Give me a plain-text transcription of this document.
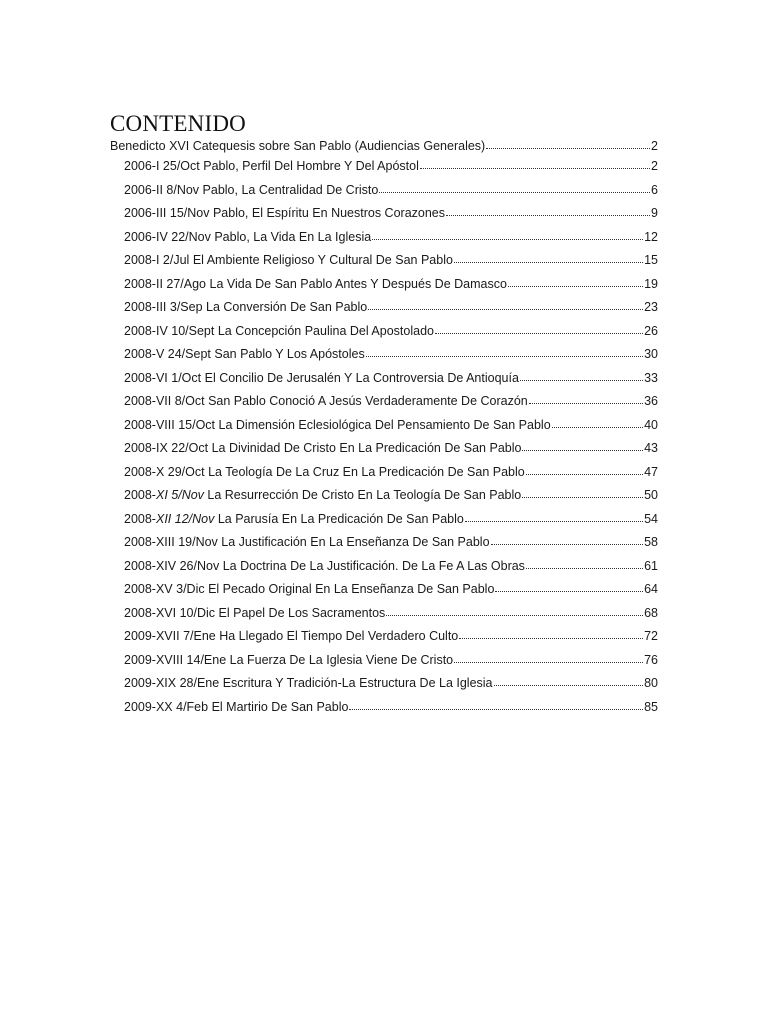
CONTENIDO
Benedicto XVI Catequesis sobre San Pablo (Audiencias Generales)	2
2006-I 25/Oct Pablo, Perfil Del Hombre Y Del Apóstol	2
2006-II 8/Nov Pablo, La Centralidad De Cristo	6
2006-III 15/Nov Pablo, El Espíritu En Nuestros Corazones	9
2006-IV 22/Nov Pablo, La Vida En La Iglesia	12
2008-I 2/Jul El Ambiente Religioso Y Cultural De San Pablo	15
2008-II 27/Ago La Vida De San Pablo Antes Y Después De Damasco	19
2008-III 3/Sep La Conversión De San Pablo	23
2008-IV 10/Sept La Concepción Paulina Del Apostolado	26
2008-V 24/Sept San Pablo Y Los Apóstoles	30
2008-VI 1/Oct El Concilio De Jerusalén Y La Controversia De Antioquía	33
2008-VII 8/Oct San Pablo Conoció A Jesús Verdaderamente De Corazón	36
2008-VIII 15/Oct La Dimensión Eclesiológica Del Pensamiento De San Pablo	40
2008-IX 22/Oct La Divinidad De Cristo En La Predicación De San Pablo	43
2008-X 29/Oct La Teología De La Cruz En La Predicación De San Pablo	47
2008-XI 5/Nov La Resurrección De Cristo En La Teología De San Pablo	50
2008-XII 12/Nov La Parusía En La Predicación De San Pablo	54
2008-XIII 19/Nov La Justificación En La Enseñanza De San Pablo	58
2008-XIV 26/Nov La Doctrina De La Justificación. De La Fe A Las Obras	61
2008-XV 3/Dic El Pecado Original En La Enseñanza De San Pablo	64
2008-XVI 10/Dic El Papel De Los Sacramentos	68
2009-XVII 7/Ene Ha Llegado El Tiempo Del Verdadero Culto	72
2009-XVIII 14/Ene La Fuerza De La Iglesia Viene De Cristo	76
2009-XIX 28/Ene Escritura Y Tradición-La Estructura De La Iglesia	80
2009-XX 4/Feb El Martirio De San Pablo	85
